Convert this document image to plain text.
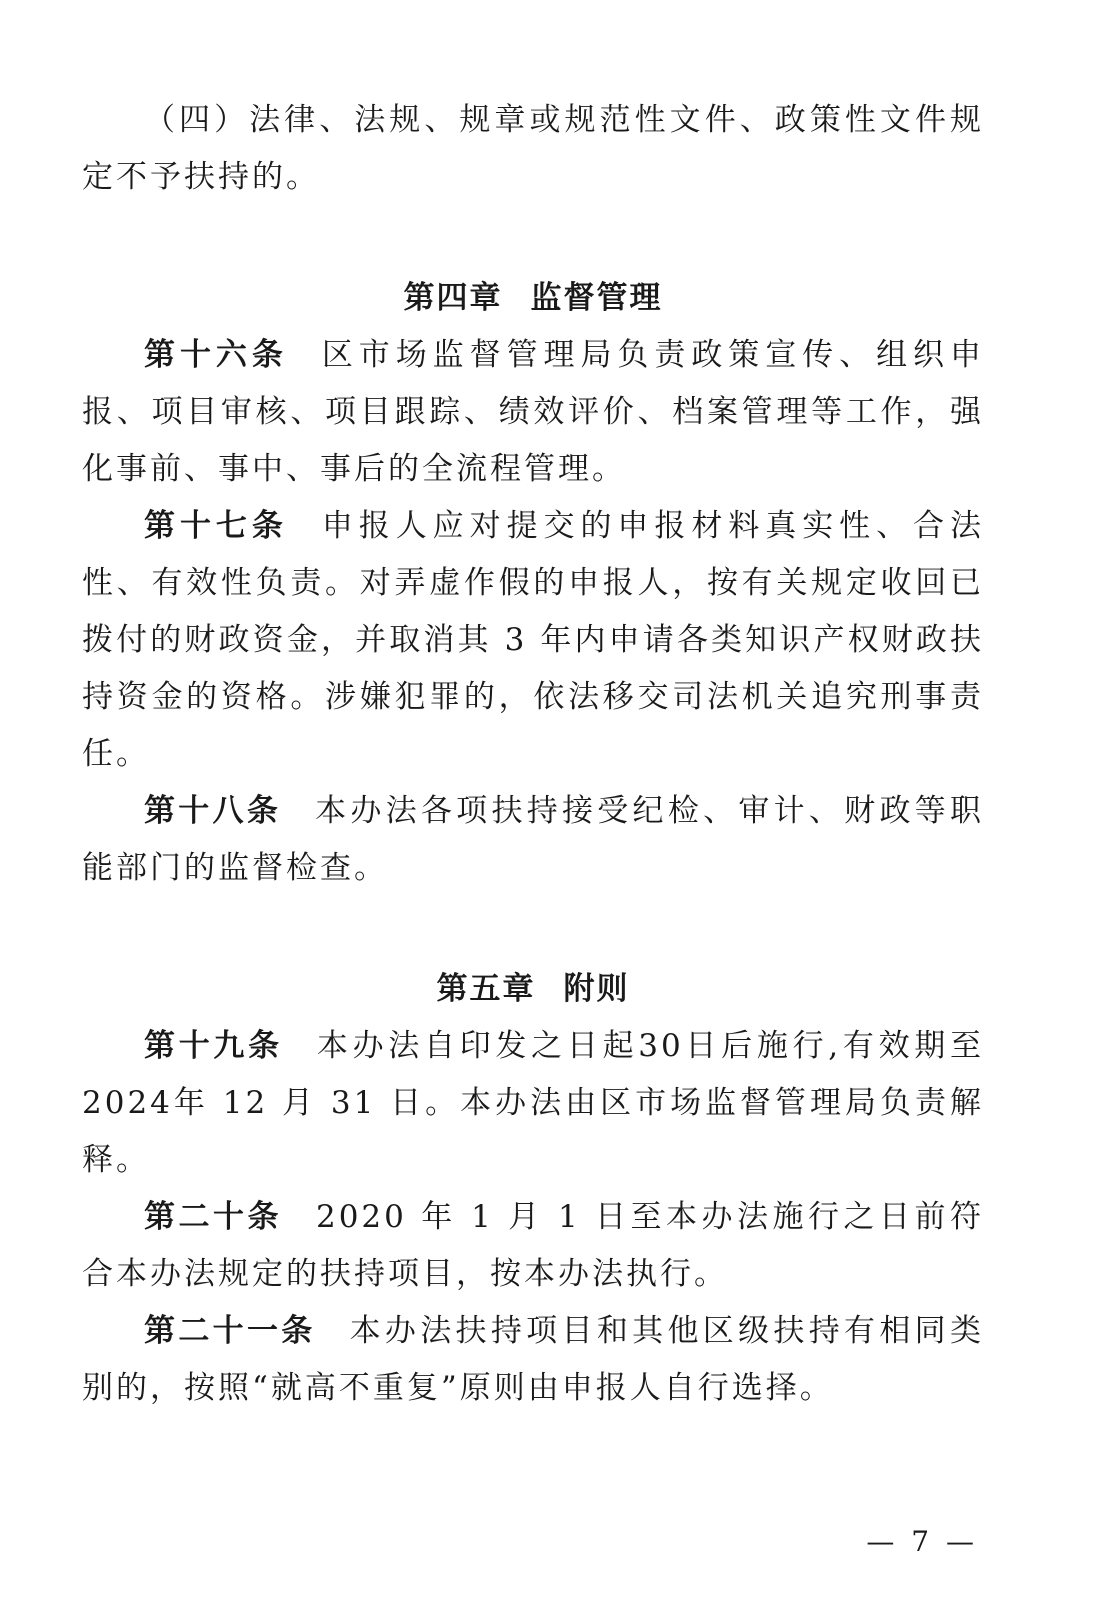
（四）法律、法规、规章或规范性文件、政策性文件规定不予扶持的。

第四章 监督管理

第十六条 区市场监督管理局负责政策宣传、组织申报、项目审核、项目跟踪、绩效评价、档案管理等工作，强化事前、事中、事后的全流程管理。

第十七条 申报人应对提交的申报材料真实性、合法性、有效性负责。对弄虚作假的申报人，按有关规定收回已拨付的财政资金，并取消其 3 年内申请各类知识产权财政扶持资金的资格。涉嫌犯罪的，依法移交司法机关追究刑事责任。

第十八条 本办法各项扶持接受纪检、审计、财政等职能部门的监督检查。

第五章 附则

第十九条 本办法自印发之日起30日后施行,有效期至2024年 12 月 31 日。本办法由区市场监督管理局负责解释。

第二十条 2020 年 1 月 1 日至本办法施行之日前符合本办法规定的扶持项目，按本办法执行。

第二十一条 本办法扶持项目和其他区级扶持有相同类别的，按照“就高不重复”原则由申报人自行选择。

— 7 —
